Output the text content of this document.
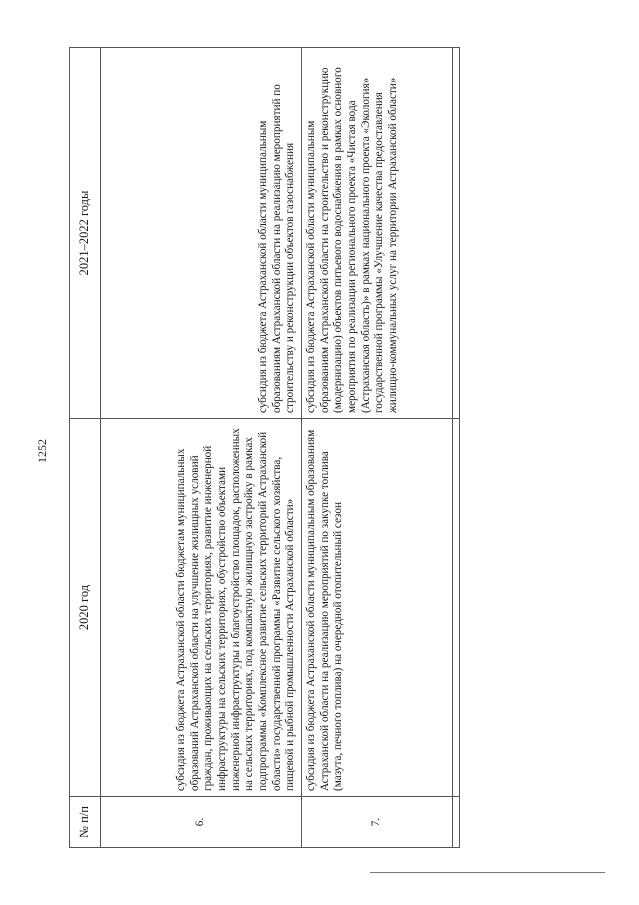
1252
№ п/п	2020 год	2021–2022 годы
6.	субсидия из бюджета Астраханской области бюджетам муниципальных образований Астраханской области на улучшение жилищных условий граждан, проживающих на сельских территориях, развитие инженерной инфраструктуры на сельских территориях, обустройство объектами инженерной инфраструктуры и благоустройство площадок, расположенных на сельских территориях, под компактную жилищную застройку в рамках подпрограммы «Комплексное развитие сельских территорий Астраханской области» государственной программы «Развитие сельского хозяйства, пищевой и рыбной промышленности Астраханской области»	субсидия из бюджета Астраханской области муниципальным образованиям Астраханской области на реализацию мероприятий по строительству и реконструкции объектов газоснабжения
7.	субсидия из бюджета Астраханской области муниципальным образованиям Астраханской области на реализацию мероприятий по закупке топлива (мазута, печного топлива) на очередной отопительный сезон	субсидия из бюджета Астраханской области муниципальным образованиям Астраханской области на строительство и реконструкцию (модернизацию) объектов питьевого водоснабжения в рамках основного мероприятия по реализации регионального проекта «Чистая вода (Астраханская область)» в рамках национального проекта «Экология» государственной программы «Улучшение качества предоставления жилищно-коммунальных услуг на территории Астраханской области»
